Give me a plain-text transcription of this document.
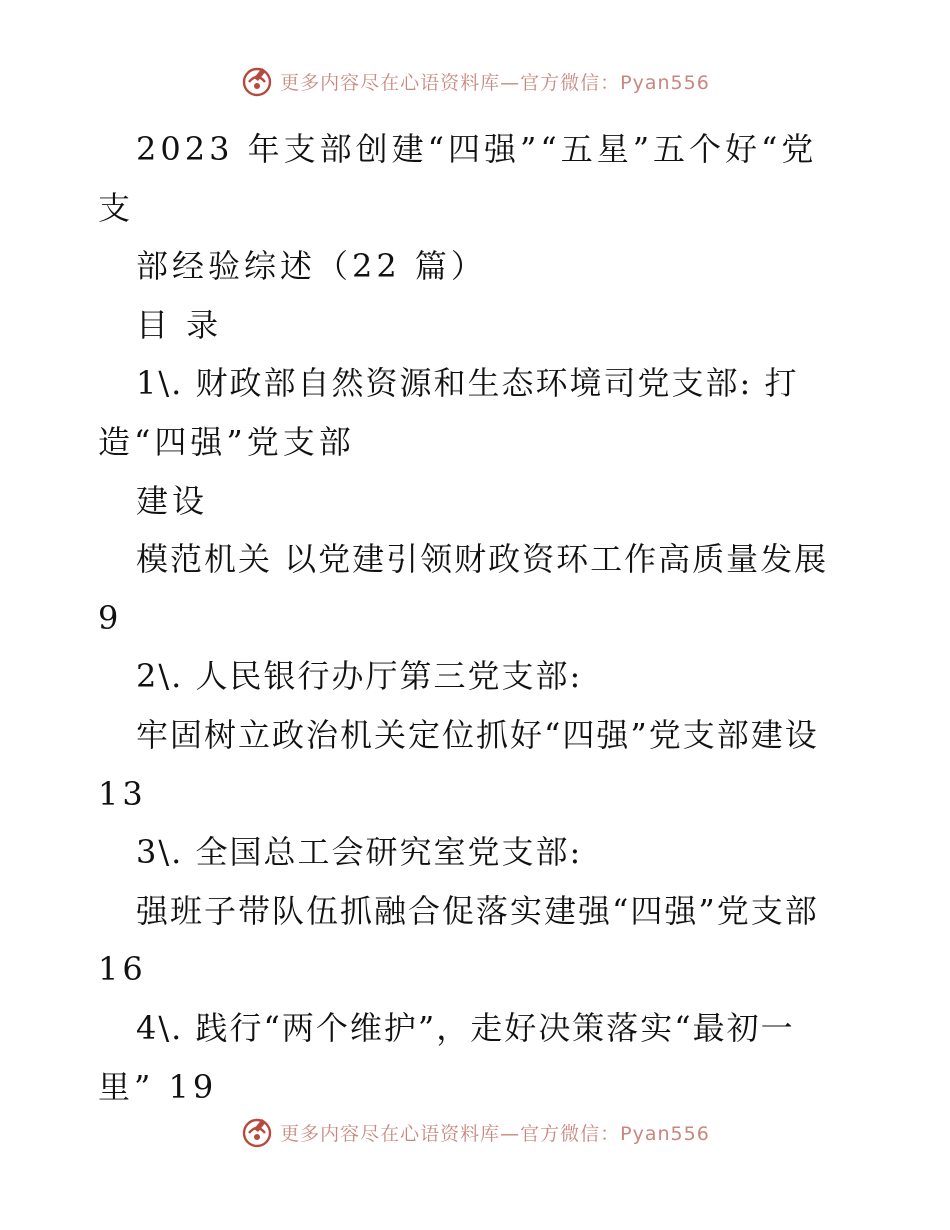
更多内容尽在心语资料库—官方微信：Pyan556
2023 年支部创建“四强”“五星”五个好“党
支
部经验综述（22 篇）
目 录
1\. 财政部自然资源和生态环境司党支部: 打
造“四强”党支部
建设
模范机关 以党建引领财政资环工作高质量发展
9
2\. 人民银行办厅第三党支部:
牢固树立政治机关定位抓好“四强”党支部建设
13
3\. 全国总工会研究室党支部:
强班子带队伍抓融合促落实建强“四强”党支部
16
4\. 践行“两个维护”，走好决策落实“最初一
里” 19
更多内容尽在心语资料库—官方微信：Pyan556
